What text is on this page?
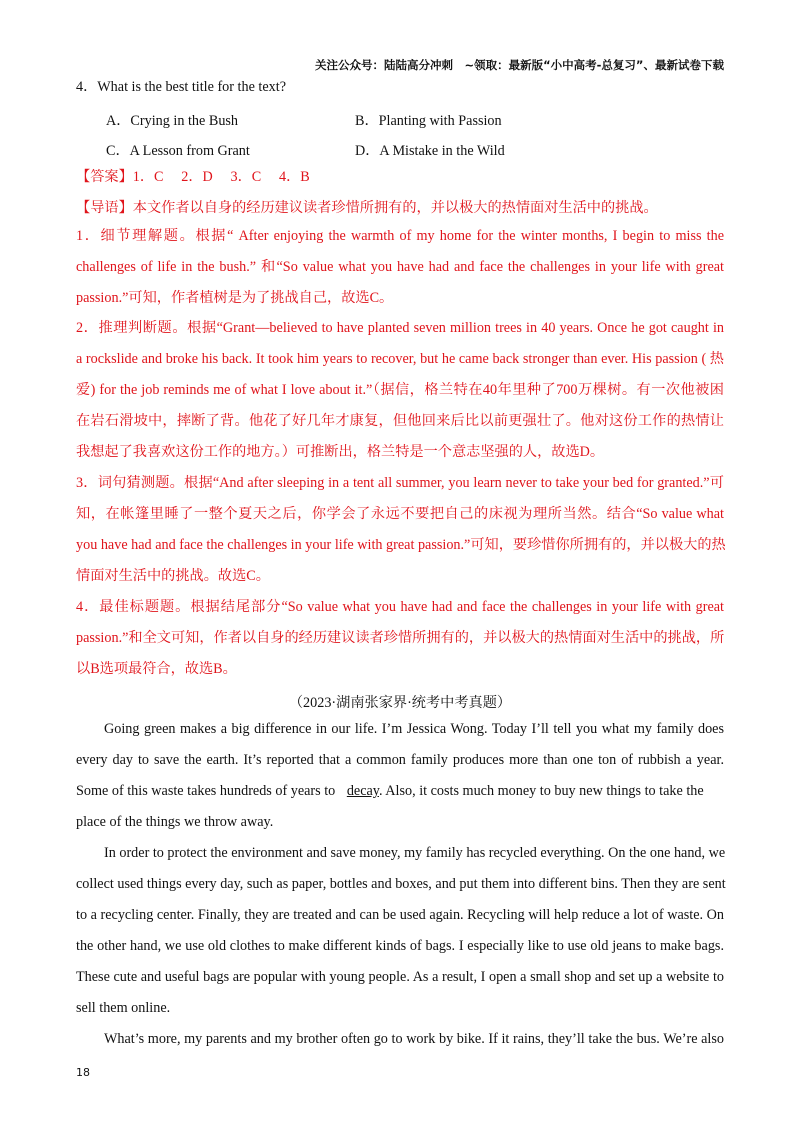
关注公众号：陆陆高分冲刺　~领取：最新版“小中高考-总复习”、最新试卷下载
4．What is the best title for the text?
A．Crying in the Bush	B．Planting with Passion
C．A Lesson from Grant	D．A Mistake in the Wild
【答案】1．C　 2．D　 3．C　 4．B
【导语】本文作者以自身的经历建议读者珍惜所拥有的，并以极大的热情面对生活中的挑战。
1．细节理解题。根据“ After enjoying the warmth of my home for the winter months, I begin to miss the
challenges of life in the bush.” 和“So value what you have had and face the challenges in your life with great
passion.”可知，作者植树是为了挑战自己，故选C。
2．推理判断题。根据“Grant—believed to have planted seven million trees in 40 years. Once he got caught in
a rockslide and broke his back. It took him years to recover, but he came back stronger than ever. His passion ( 热
爱) for the job reminds me of what I love about it.”（据信，格兰特在40年里种了700万棵树。有一次他被困
在岩石滑坡中，摔断了背。他花了好几年才康复，但他回来后比以前更强壮了。他对这份工作的热情让
我想起了我喜欢这份工作的地方。）可推断出，格兰特是一个意志坚强的人，故选D。
3．词句猜测题。根据“And after sleeping in a tent all summer, you learn never to take your bed for granted.”可
知，在帐篷里睡了一整个夏天之后，你学会了永远不要把自己的床视为理所当然。结合“So value what
you have had and face the challenges in your life with great passion.”可知，要珍惜你所拥有的，并以极大的热
情面对生活中的挑战。故选C。
4．最佳标题题。根据结尾部分“So value what you have had and face the challenges in your life with great
passion.”和全文可知，作者以自身的经历建议读者珍惜所拥有的，并以极大的热情面对生活中的挑战，所
以B选项最符合，故选B。
（2023·湖南张家界·统考中考真题）
Going green makes a big difference in our life. I’m Jessica Wong. Today I’ll tell you what my family does
every day to save the earth. It’s reported that a common family produces more than one ton of rubbish a year.
Some of this waste takes hundreds of years to decay. Also, it costs much money to buy new things to take the
place of the things we throw away.
In order to protect the environment and save money, my family has recycled everything. On the one hand, we
collect used things every day, such as paper, bottles and boxes, and put them into different bins. Then they are sent
to a recycling center. Finally, they are treated and can be used again. Recycling will help reduce a lot of waste. On
the other hand, we use old clothes to make different kinds of bags. I especially like to use old jeans to make bags.
These cute and useful bags are popular with young people. As a result, I open a small shop and set up a website to
sell them online.
What’s more, my parents and my brother often go to work by bike. If it rains, they’ll take the bus. We’re also
18
